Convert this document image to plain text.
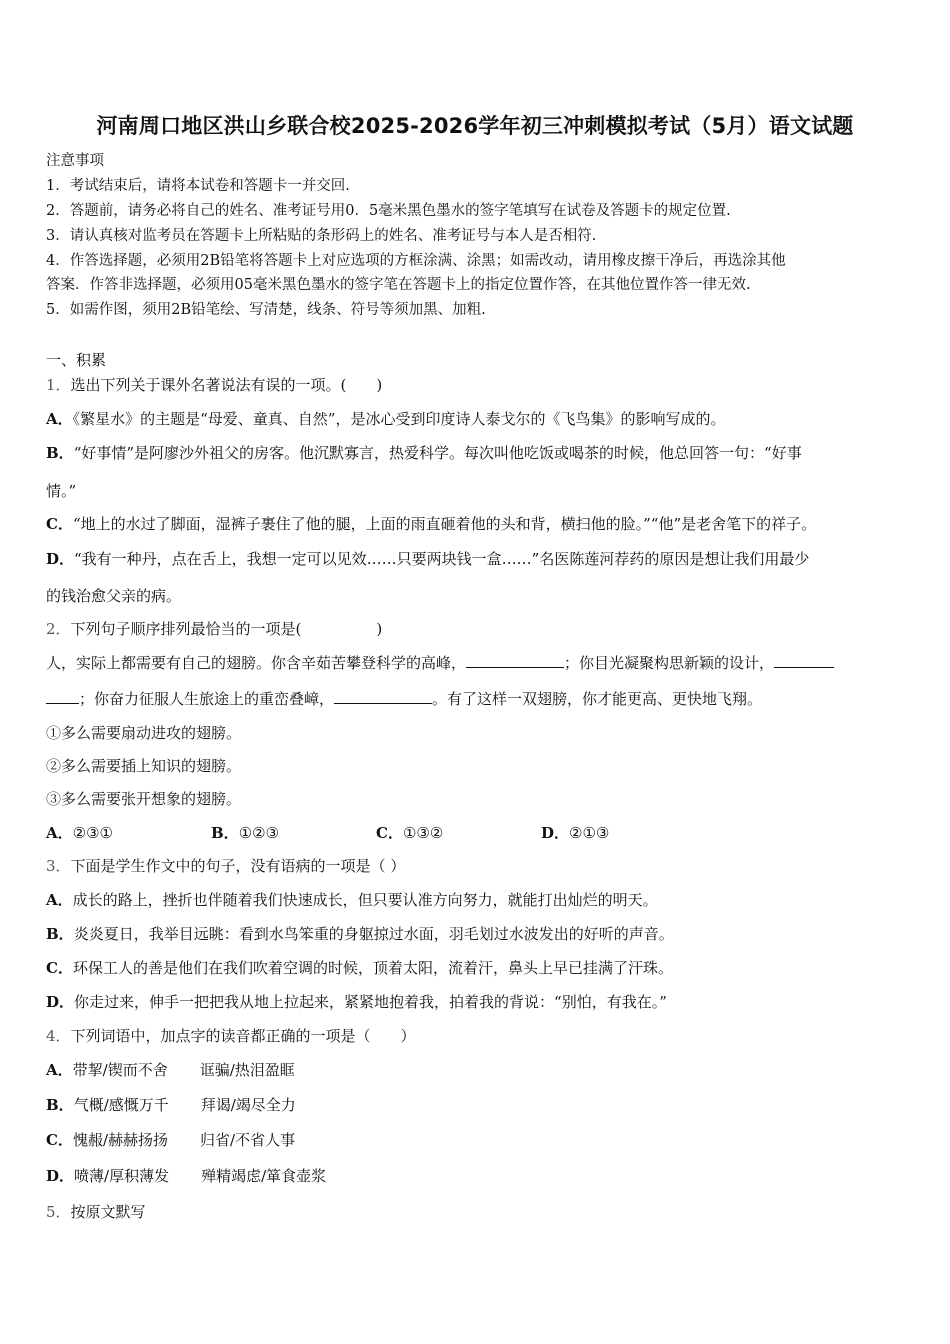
河南周口地区洪山乡联合校2025-2026学年初三冲刺模拟考试（5月）语文试题
注意事项
1．考试结束后，请将本试卷和答题卡一并交回.
2．答题前，请务必将自己的姓名、准考证号用0．5毫米黑色墨水的签字笔填写在试卷及答题卡的规定位置.
3．请认真核对监考员在答题卡上所粘贴的条形码上的姓名、准考证号与本人是否相符.
4．作答选择题，必须用2B铅笔将答题卡上对应选项的方框涂满、涂黑；如需改动，请用橡皮擦干净后，再选涂其他
答案．作答非选择题，必须用05毫米黑色墨水的签字笔在答题卡上的指定位置作答，在其他位置作答一律无效.
5．如需作图，须用2B铅笔绘、写清楚，线条、符号等须加黑、加粗.
一、积累
1．选出下列关于课外名著说法有误的一项。(　　)
A．《繁星水》的主题是“母爱、童真、自然”，是冰心受到印度诗人泰戈尔的《飞鸟集》的影响写成的。
B．“好事情”是阿廖沙外祖父的房客。他沉默寡言，热爱科学。每次叫他吃饭或喝茶的时候，他总回答一句：“好事
情。”
C．“地上的水过了脚面，湿裤子裹住了他的腿，上面的雨直砸着他的头和背，横扫他的脸。”“他”是老舍笔下的祥子。
D．“我有一种丹，点在舌上，我想一定可以见效……只要两块钱一盒……”名医陈莲河荐药的原因是想让我们用最少
的钱治愈父亲的病。
2．下列句子顺序排列最恰当的一项是(　　　　　)
人，实际上都需要有自己的翅膀。你含辛茹苦攀登科学的高峰，	；你目光凝聚构思新颖的设计，
；你奋力征服人生旅途上的重峦叠嶂，	。有了这样一双翅膀，你才能更高、更快地飞翔。
①多么需要扇动进攻的翅膀。
②多么需要插上知识的翅膀。
③多么需要张开想象的翅膀。
A．②③①	B．①②③	C．①③②	D．②①③
3．下面是学生作文中的句子，没有语病的一项是（ ）
A．成长的路上，挫折也伴随着我们快速成长，但只要认准方向努力，就能打出灿烂的明天。
B．炎炎夏日，我举目远眺：看到水鸟笨重的身躯掠过水面，羽毛划过水波发出的好听的声音。
C．环保工人的善是他们在我们吹着空调的时候，顶着太阳，流着汗，鼻头上早已挂满了汗珠。
D．你走过来，伸手一把把我从地上拉起来，紧紧地抱着我，拍着我的背说：“别怕，有我在。”
4．下列词语中，加点字的读音都正确的一项是（　　）
A．带挈/锲而不舍 诓骗/热泪盈眶
B．气概/感慨万千 拜谒/竭尽全力
C．愧赧/赫赫扬扬 归省/不省人事
D．喷薄/厚积薄发 殚精竭虑/箪食壶浆
5．按原文默写
